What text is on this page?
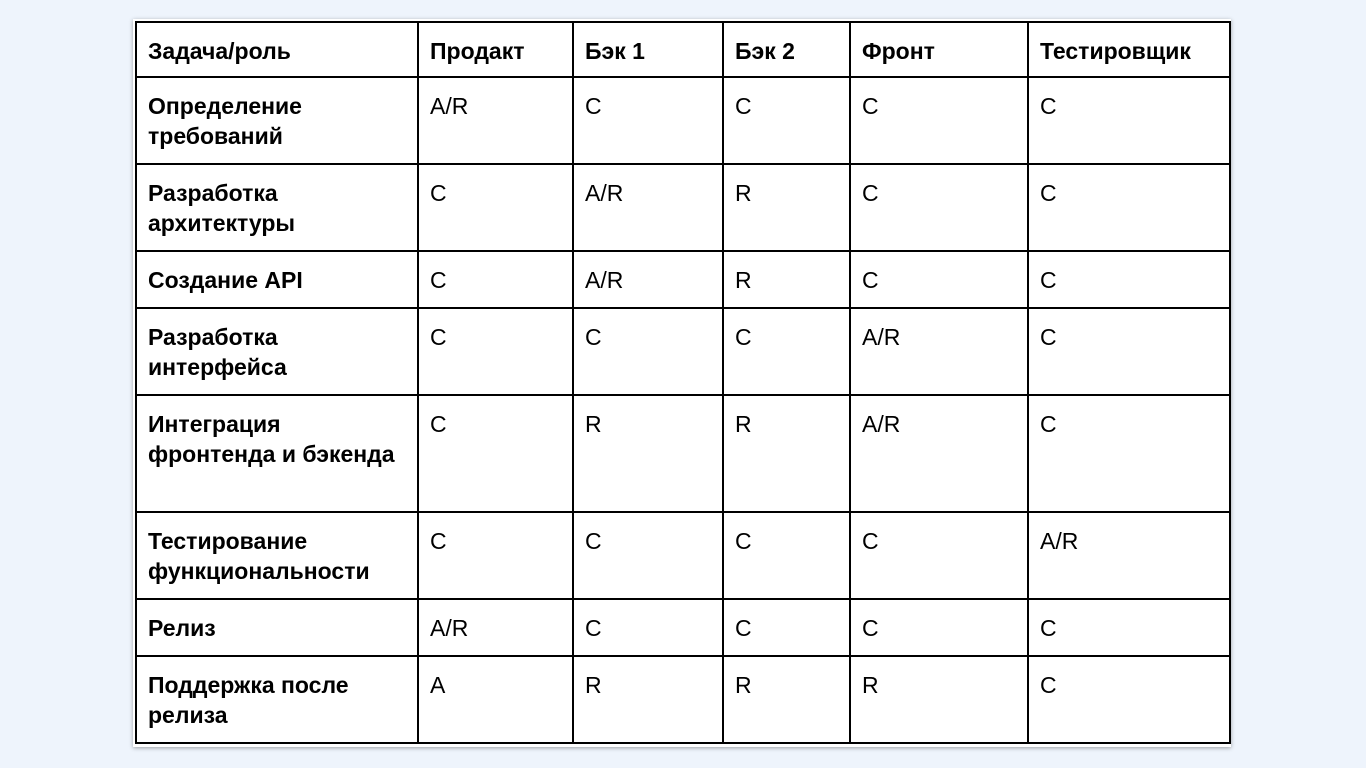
Задача/роль	Продакт	Бэк 1	Бэк 2	Фронт	Тестировщик
Определение требований	A/R	C	C	C	C
Разработка архитектуры	C	A/R	R	C	C
Создание API	C	A/R	R	C	C
Разработка интерфейса	C	C	C	A/R	C
Интеграция фронтенда и бэкенда	C	R	R	A/R	C
Тестирование функциональности	C	C	C	C	A/R
Релиз	A/R	C	C	C	C
Поддержка после релиза	A	R	R	R	C
